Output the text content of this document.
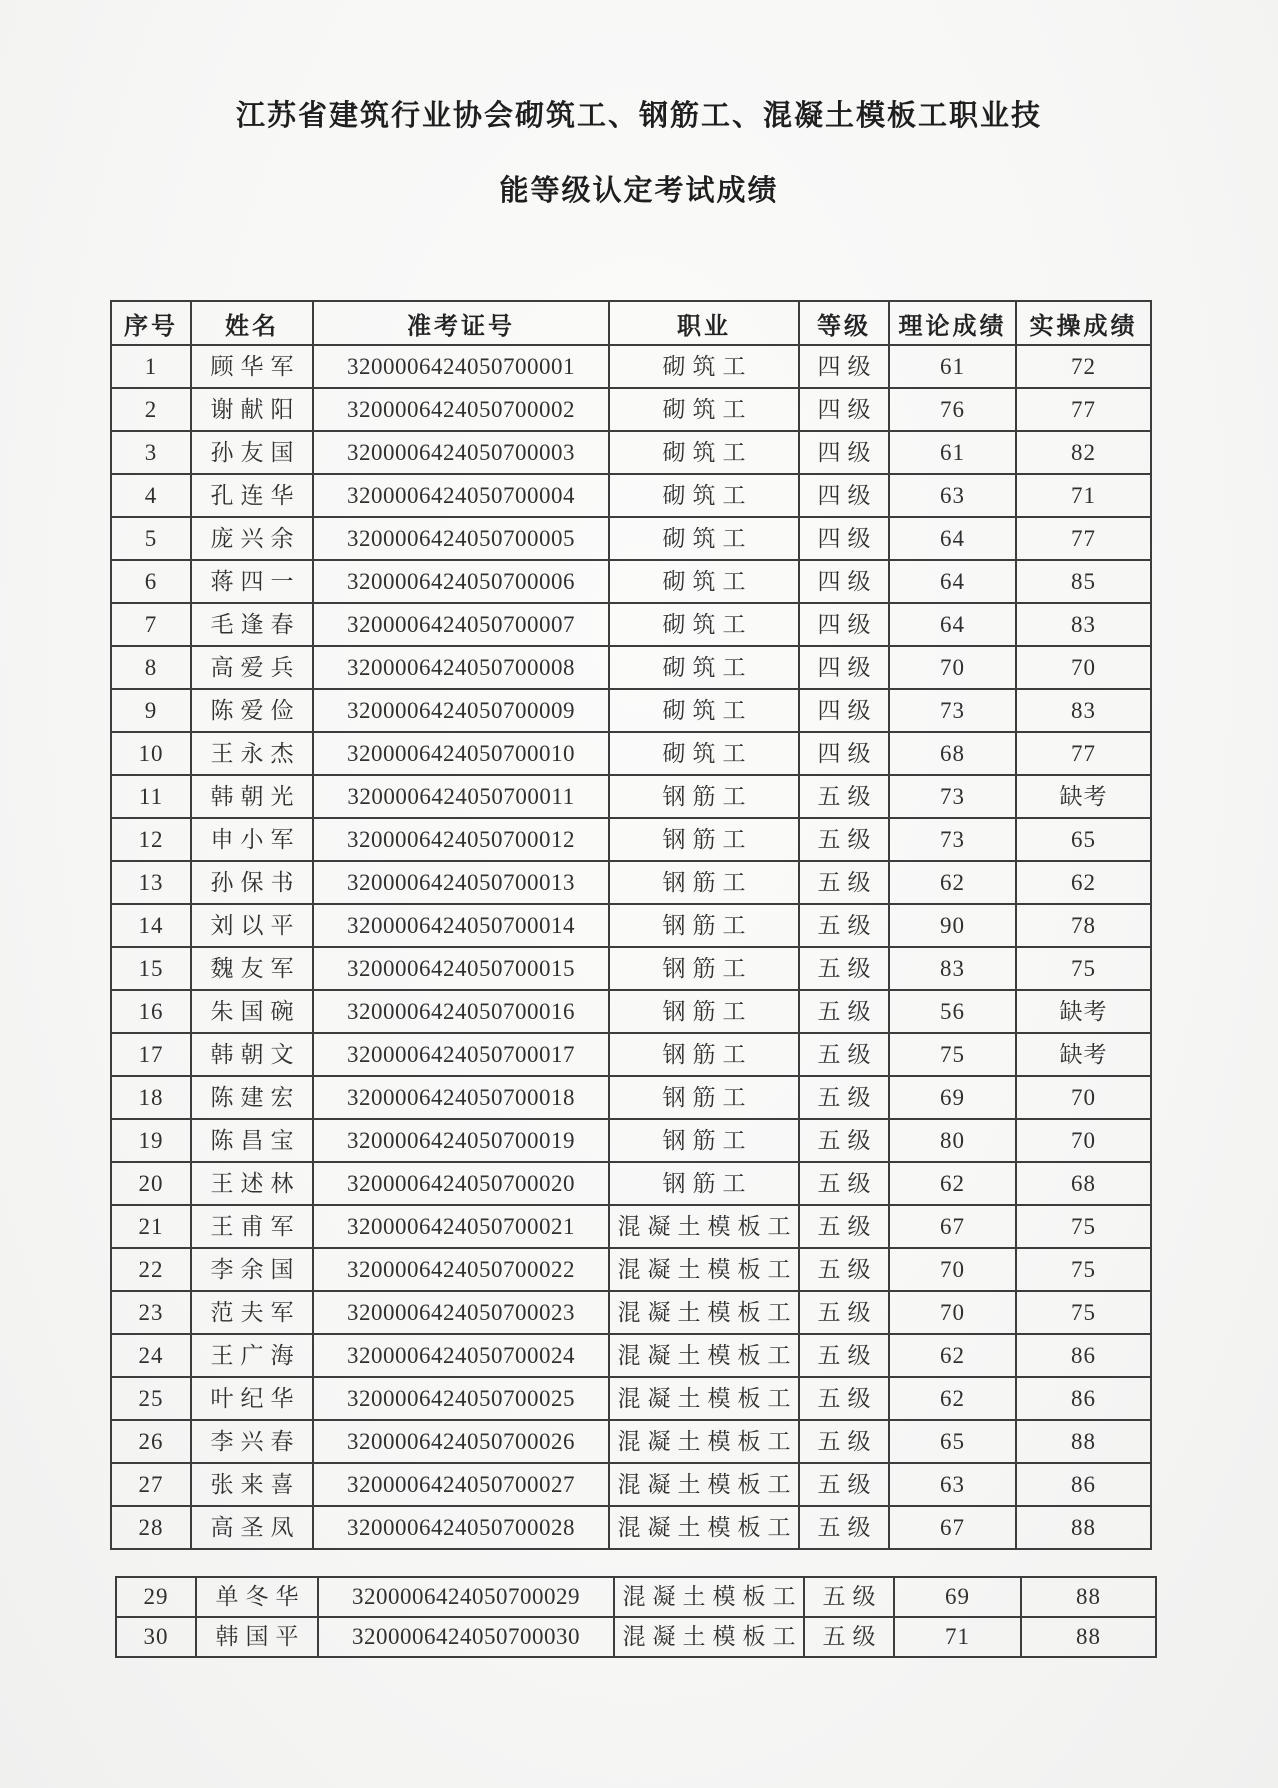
江苏省建筑行业协会砌筑工、钢筋工、混凝土模板工职业技
能等级认定考试成绩
序号	姓名	准考证号	职业	等级	理论成绩	实操成绩
1	顾华军	3200006424050700001	砌筑工	四级	61	72
2	谢献阳	3200006424050700002	砌筑工	四级	76	77
3	孙友国	3200006424050700003	砌筑工	四级	61	82
4	孔连华	3200006424050700004	砌筑工	四级	63	71
5	庞兴余	3200006424050700005	砌筑工	四级	64	77
6	蒋四一	3200006424050700006	砌筑工	四级	64	85
7	毛逢春	3200006424050700007	砌筑工	四级	64	83
8	高爱兵	3200006424050700008	砌筑工	四级	70	70
9	陈爱俭	3200006424050700009	砌筑工	四级	73	83
10	王永杰	3200006424050700010	砌筑工	四级	68	77
11	韩朝光	3200006424050700011	钢筋工	五级	73	缺考
12	申小军	3200006424050700012	钢筋工	五级	73	65
13	孙保书	3200006424050700013	钢筋工	五级	62	62
14	刘以平	3200006424050700014	钢筋工	五级	90	78
15	魏友军	3200006424050700015	钢筋工	五级	83	75
16	朱国碗	3200006424050700016	钢筋工	五级	56	缺考
17	韩朝文	3200006424050700017	钢筋工	五级	75	缺考
18	陈建宏	3200006424050700018	钢筋工	五级	69	70
19	陈昌宝	3200006424050700019	钢筋工	五级	80	70
20	王述林	3200006424050700020	钢筋工	五级	62	68
21	王甫军	3200006424050700021	混凝土模板工	五级	67	75
22	李余国	3200006424050700022	混凝土模板工	五级	70	75
23	范夫军	3200006424050700023	混凝土模板工	五级	70	75
24	王广海	3200006424050700024	混凝土模板工	五级	62	86
25	叶纪华	3200006424050700025	混凝土模板工	五级	62	86
26	李兴春	3200006424050700026	混凝土模板工	五级	65	88
27	张来喜	3200006424050700027	混凝土模板工	五级	63	86
28	高圣凤	3200006424050700028	混凝土模板工	五级	67	88
29	单冬华	3200006424050700029	混凝土模板工	五级	69	88
30	韩国平	3200006424050700030	混凝土模板工	五级	71	88
